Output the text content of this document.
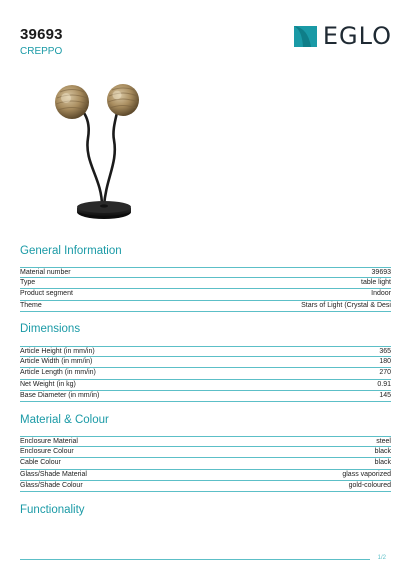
39693
CREPPO
EGLO
General Information
Material number	39693
Type	table light
Product segment	Indoor
Theme	Stars of Light (Crystal & Desi
Dimensions
Article Height (in mm/in)	365
Article Width (in mm/in)	180
Article Length (in mm/in)	270
Net Weight (in kg)	0.91
Base Diameter (in mm/in)	145
Material & Colour
Enclosure Material	steel
Enclosure Colour	black
Cable Colour	black
Glass/Shade Material	glass vaporized
Glass/Shade Colour	gold-coloured
Functionality
1/2
